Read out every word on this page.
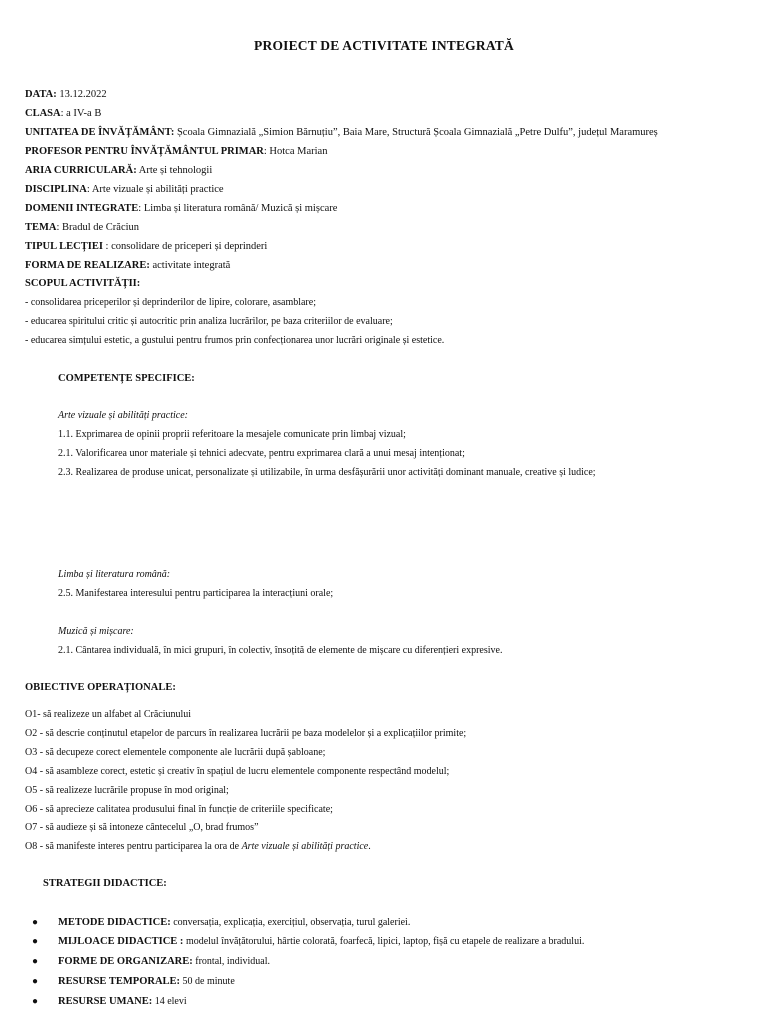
PROIECT DE ACTIVITATE INTEGRATĂ
DATA: 13.12.2022
CLASA: a IV-a B
UNITATEA DE ÎNVĂȚĂMÂNT: Școala Gimnazială „Simion Bărnuțiu”, Baia Mare, Structură Școala Gimnazială „Petre Dulfu”, județul Maramureș
PROFESOR PENTRU ÎNVĂȚĂMÂNTUL PRIMAR: Hotca Marian
ARIA CURRICULARĂ: Arte și tehnologii
DISCIPLINA: Arte vizuale și abilități practice
DOMENII INTEGRATE: Limba și literatura română/ Muzică și mișcare
TEMA: Bradul de Crăciun
TIPUL LECȚIEI : consolidare de priceperi și deprinderi
FORMA DE REALIZARE: activitate integrată
SCOPUL ACTIVITĂȚII:
- consolidarea priceperilor și deprinderilor de lipire, colorare, asamblare;
- educarea spiritului critic și autocritic prin analiza lucrărilor, pe baza criteriilor de evaluare;
- educarea simțului estetic, a gustului pentru frumos prin confecționarea unor lucrări originale și estetice.
COMPETENȚE SPECIFICE:
Arte vizuale și abilități practice:
1.1. Exprimarea de opinii proprii referitoare la mesajele comunicate prin limbaj vizual;
2.1. Valorificarea unor materiale și tehnici adecvate, pentru exprimarea clară a unui mesaj intenționat;
2.3. Realizarea de produse unicat, personalizate și utilizabile, în urma desfășurării unor activități dominant manuale, creative și ludice;
Limba și literatura română:
2.5. Manifestarea interesului pentru participarea la interacțiuni orale;
Muzică și mișcare:
2.1. Cântarea individuală, în mici grupuri, în colectiv, însoțită de elemente de mișcare cu diferențieri expresive.
OBIECTIVE OPERAȚIONALE:
O1- să realizeze un alfabet al Crăciunului
O2 - să descrie conținutul etapelor de parcurs în realizarea lucrării pe baza modelelor și a explicațiilor primite;
O3 - să decupeze corect elementele componente ale lucrării după șabloane;
O4 - să asambleze corect, estetic și creativ în spațiul de lucru elementele componente respectând modelul;
O5 - să realizeze lucrările propuse în mod original;
O6 - să aprecieze calitatea produsului final în funcție de criteriile specificate;
O7 - să audieze și să intoneze cântecelul „O, brad frumos”
O8 - să manifeste interes pentru participarea la ora de Arte vizuale și abilități practice.
STRATEGII DIDACTICE:
● METODE DIDACTICE: conversația, explicația, exercițiul, observația, turul galeriei.
● MIJLOACE DIDACTICE : modelul învățătorului, hârtie colorată, foarfecă, lipici, laptop, fișă cu etapele de realizare a bradului.
● FORME DE ORGANIZARE: frontal, individual.
● RESURSE TEMPORALE: 50 de minute
● RESURSE UMANE: 14 elevi
